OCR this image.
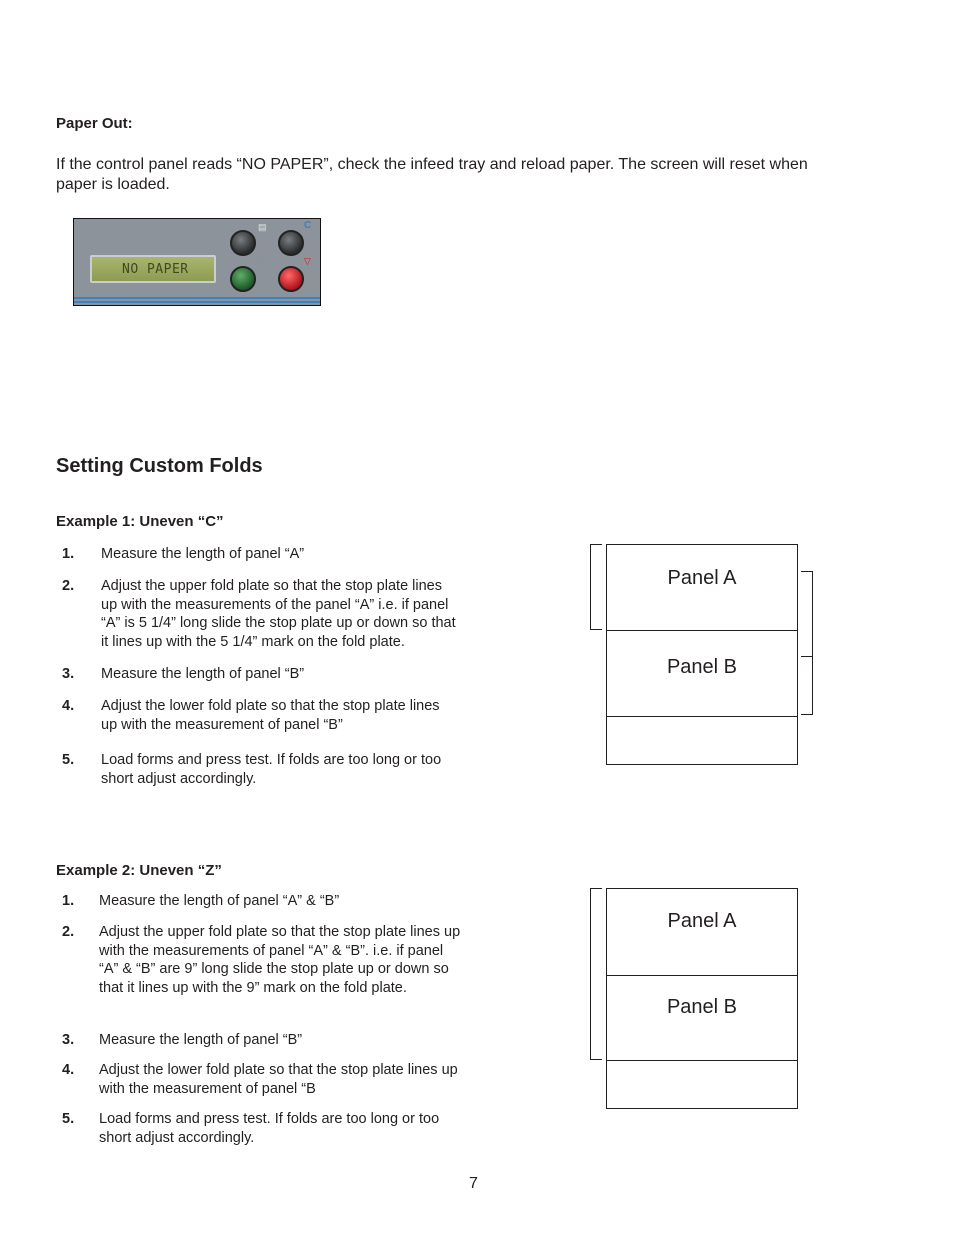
Paper Out:
If the control panel reads “NO PAPER”, check the infeed tray and reload paper. The screen will reset when
paper is loaded.
NO PAPER
▤	C
◇	▽
Setting Custom Folds
Example 1: Uneven “C”
1. Measure the length of panel “A”
2. Adjust the upper fold plate so that the stop plate lines
up with the measurements of the panel “A” i.e. if panel
“A” is 5 1/4” long slide the stop plate up or down so that
it lines up with the 5 1/4” mark on the fold plate.
3. Measure the length of panel “B”
4. Adjust the lower fold plate so that the stop plate lines
up with the measurement of panel “B”
5. Load forms and press test. If folds are too long or too
short adjust accordingly.
Panel A
Panel B
Example 2: Uneven “Z”
1. Measure the length of panel “A” & “B”
2. Adjust the upper fold plate so that the stop plate lines up
with the measurements of panel “A” & “B”. i.e. if panel
“A” & “B” are 9” long slide the stop plate up or down so
that it lines up with the 9” mark on the fold plate.
3. Measure the length of panel “B”
4. Adjust the lower fold plate so that the stop plate lines up
with the measurement of panel “B
5. Load forms and press test. If folds are too long or too
short adjust accordingly.
Panel A
Panel B
7
